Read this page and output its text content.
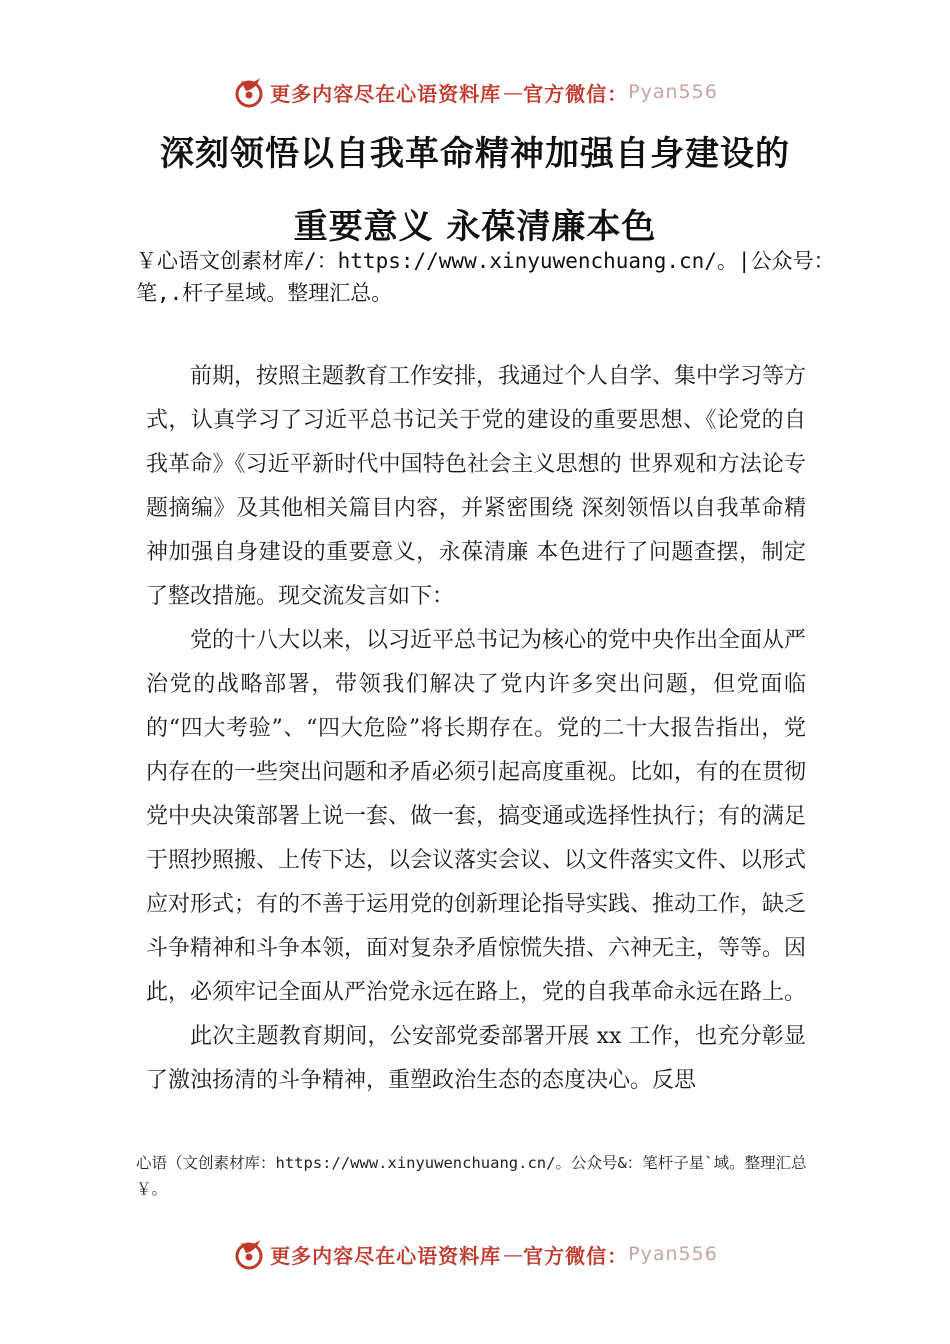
更多内容尽在心语资料库 — 官方微信： Pyan556
深刻领悟以自我革命精神加强自身建设的
重要意义 永葆清廉本色
￥心语文创素材库/：https://www.xinyuwenchuang.cn/。|公众号：笔,.杆子星域。整理汇总。

前期，按照主题教育工作安排，我通过个人自学、集中学习等方式，认真学习了习近平总书记关于党的建设的重要思想、《论党的自我革命》《习近平新时代中国特色社会主义思想的 世界观和方法论专题摘编》及其他相关篇目内容，并紧密围绕 深刻领悟以自我革命精神加强自身建设的重要意义，永葆清廉 本色进行了问题查摆，制定了整改措施。现交流发言如下：

党的十八大以来，以习近平总书记为核心的党中央作出全面从严治党的战略部署，带领我们解决了党内许多突出问题，但党面临的“四大考验”、“四大危险”将长期存在。党的二十大报告指出，党内存在的一些突出问题和矛盾必须引起高度重视。比如，有的在贯彻党中央决策部署上说一套、做一套，搞变通或选择性执行；有的满足于照抄照搬、上传下达，以会议落实会议、以文件落实文件、以形式应对形式；有的不善于运用党的创新理论指导实践、推动工作，缺乏斗争精神和斗争本领，面对复杂矛盾惊慌失措、六神无主，等等。因此，必须牢记全面从严治党永远在路上，党的自我革命永远在路上。

此次主题教育期间，公安部党委部署开展 xx 工作，也充分彰显了激浊扬清的斗争精神，重塑政治生态的态度决心。反思

心语（文创素材库：https://www.xinyuwenchuang.cn/。公众号&：笔杆子星`域。整理汇总￥。
更多内容尽在心语资料库 — 官方微信： Pyan556
